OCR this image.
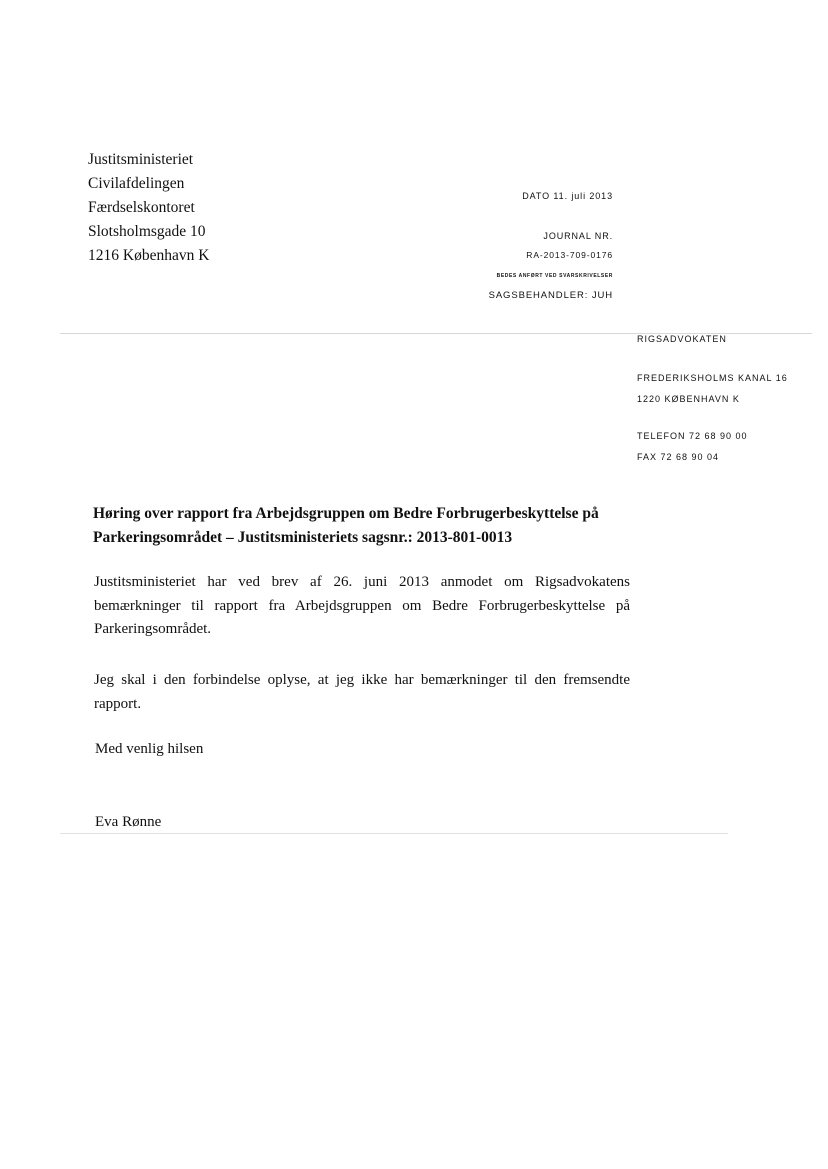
Justitsministeriet
Civilafdelingen
Færdselskontoret
Slotsholmsgade 10
1216 København K
DATO 11. juli 2013
JOURNAL NR.
RA-2013-709-0176
BEDES ANFØRT VED SVARSKRIVELSER
SAGSBEHANDLER: JUH
RIGSADVOKATEN
FREDERIKSHOLMS KANAL 16
1220 KØBENHAVN K
TELEFON 72 68 90 00
FAX 72 68 90 04
Høring over rapport fra Arbejdsgruppen om Bedre Forbrugerbeskyttelse på Parkeringsområdet – Justitsministeriets sagsnr.: 2013-801-0013
Justitsministeriet har ved brev af 26. juni 2013 anmodet om Rigsadvokatens bemærkninger til rapport fra Arbejdsgruppen om Bedre Forbrugerbeskyttelse på Parkeringsområdet.
Jeg skal i den forbindelse oplyse, at jeg ikke har bemærkninger til den fremsendte rapport.
Med venlig hilsen
Eva Rønne
